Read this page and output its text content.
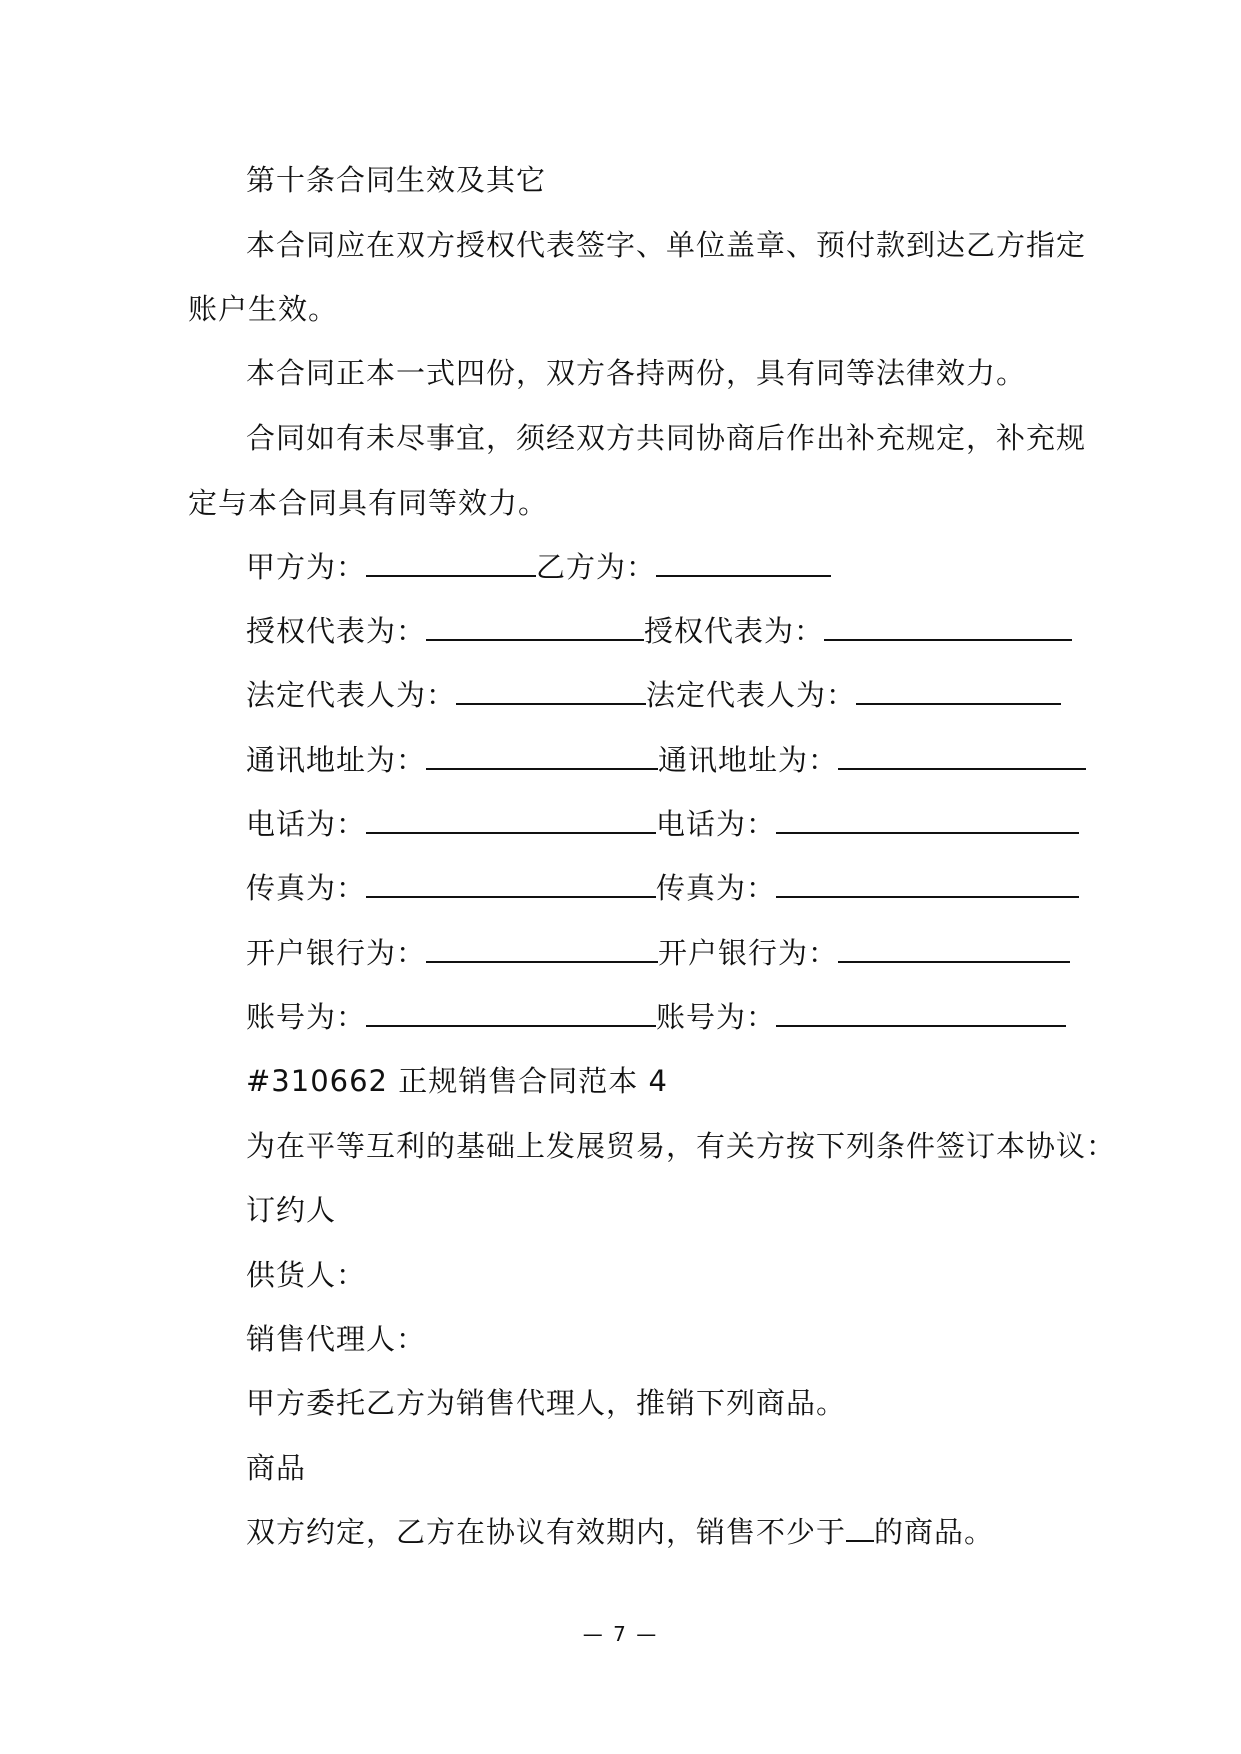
第十条合同生效及其它
本合同应在双方授权代表签字、单位盖章、预付款到达乙方指定
账户生效。
本合同正本一式四份，双方各持两份，具有同等法律效力。
合同如有未尽事宜，须经双方共同协商后作出补充规定，补充规
定与本合同具有同等效力。
甲方为：	乙方为：
授权代表为：	授权代表为：
法定代表人为：	法定代表人为：
通讯地址为：	通讯地址为：
电话为：	电话为：
传真为：	传真为：
开户银行为：	开户银行为：
账号为：	账号为：
#310662 正规销售合同范本 4
为在平等互利的基础上发展贸易，有关方按下列条件签订本协议：
订约人
供货人：
销售代理人：
甲方委托乙方为销售代理人，推销下列商品。
商品
双方约定，乙方在协议有效期内，销售不少于 的商品。
— 7 —
